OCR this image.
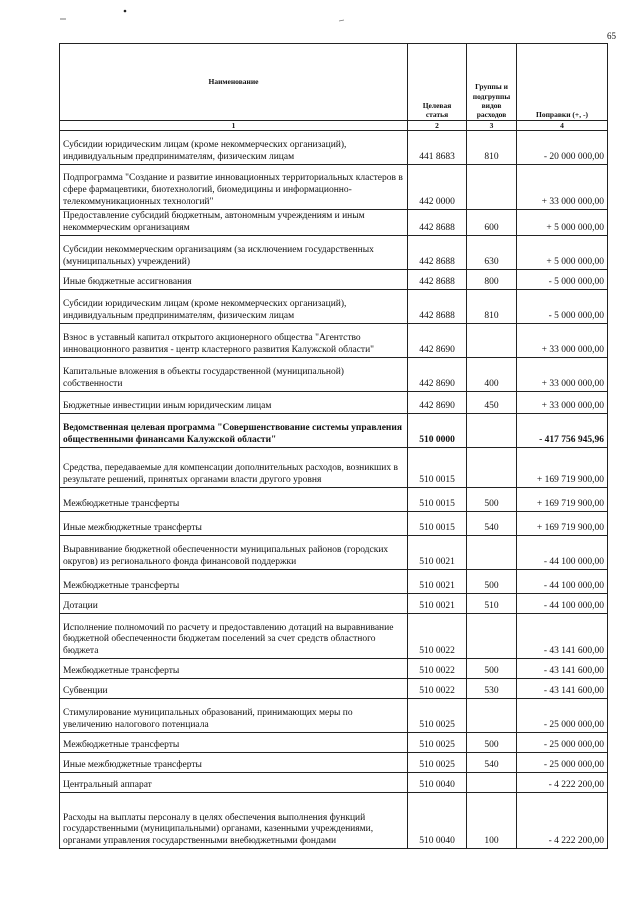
65
Наименование	Целевая статья	Группы и подгруппы видов расходов	Поправки (+, -)
1	2	3	4
Субсидии юридическим лицам (кроме некоммерческих организаций), индивидуальным предпринимателям, физическим лицам	441 8683	810	- 20 000 000,00
Подпрограмма "Создание и развитие инновационных территориальных кластеров в сфере фармацевтики, биотехнологий, биомедицины и информационно-телекоммуникационных технологий"	442 0000		+ 33 000 000,00
Предоставление субсидий бюджетным, автономным учреждениям и иным некоммерческим организациям	442 8688	600	+ 5 000 000,00
Субсидии некоммерческим организациям (за исключением государственных (муниципальных) учреждений)	442 8688	630	+ 5 000 000,00
Иные бюджетные ассигнования	442 8688	800	- 5 000 000,00
Субсидии юридическим лицам (кроме некоммерческих организаций), индивидуальным предпринимателям, физическим лицам	442 8688	810	- 5 000 000,00
Взнос в уставный капитал открытого акционерного общества "Агентство инновационного развития - центр кластерного развития Калужской области"	442 8690		+ 33 000 000,00
Капитальные вложения в объекты государственной (муниципальной) собственности	442 8690	400	+ 33 000 000,00
Бюджетные инвестиции иным юридическим лицам	442 8690	450	+ 33 000 000,00
Ведомственная целевая программа "Совершенствование системы управления общественными финансами Калужской области"	510 0000		- 417 756 945,96
Средства, передаваемые для компенсации дополнительных расходов, возникших в результате решений, принятых органами власти другого уровня	510 0015		+ 169 719 900,00
Межбюджетные трансферты	510 0015	500	+ 169 719 900,00
Иные межбюджетные трансферты	510 0015	540	+ 169 719 900,00
Выравнивание бюджетной обеспеченности муниципальных районов (городских округов) из регионального фонда финансовой поддержки	510 0021		- 44 100 000,00
Межбюджетные трансферты	510 0021	500	- 44 100 000,00
Дотации	510 0021	510	- 44 100 000,00
Исполнение полномочий по расчету и предоставлению дотаций на выравнивание бюджетной обеспеченности бюджетам поселений за счет средств областного бюджета	510 0022		- 43 141 600,00
Межбюджетные трансферты	510 0022	500	- 43 141 600,00
Субвенции	510 0022	530	- 43 141 600,00
Стимулирование муниципальных образований, принимающих меры по увеличению налогового потенциала	510 0025		- 25 000 000,00
Межбюджетные трансферты	510 0025	500	- 25 000 000,00
Иные межбюджетные трансферты	510 0025	540	- 25 000 000,00
Центральный аппарат	510 0040		- 4 222 200,00
Расходы на выплаты персоналу в целях обеспечения выполнения функций государственными (муниципальными) органами, казенными учреждениями, органами управления государственными внебюджетными фондами	510 0040	100	- 4 222 200,00
